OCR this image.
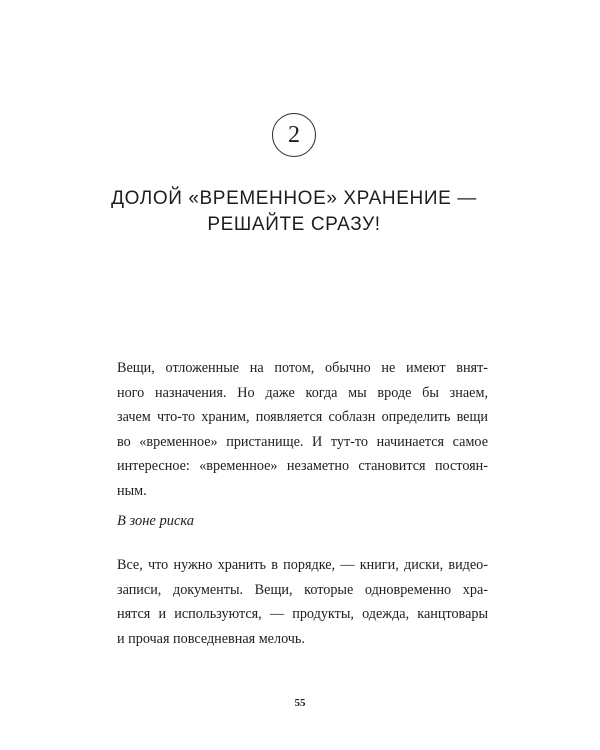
2
ДОЛОЙ «ВРЕМЕННОЕ» ХРАНЕНИЕ —
РЕШАЙТЕ СРАЗУ!
Вещи, отложенные на потом, обычно не имеют внят-
ного назначения. Но даже когда мы вроде бы знаем,
зачем что-то храним, появляется соблазн определить вещи
во «временное» пристанище. И тут-то начинается самое
интересное: «временное» незаметно становится постоян-
ным.
В зоне риска
Все, что нужно хранить в порядке, — книги, диски, видео-
записи, документы. Вещи, которые одновременно хра-
нятся и используются, — продукты, одежда, канцтовары
и прочая повседневная мелочь.
55
